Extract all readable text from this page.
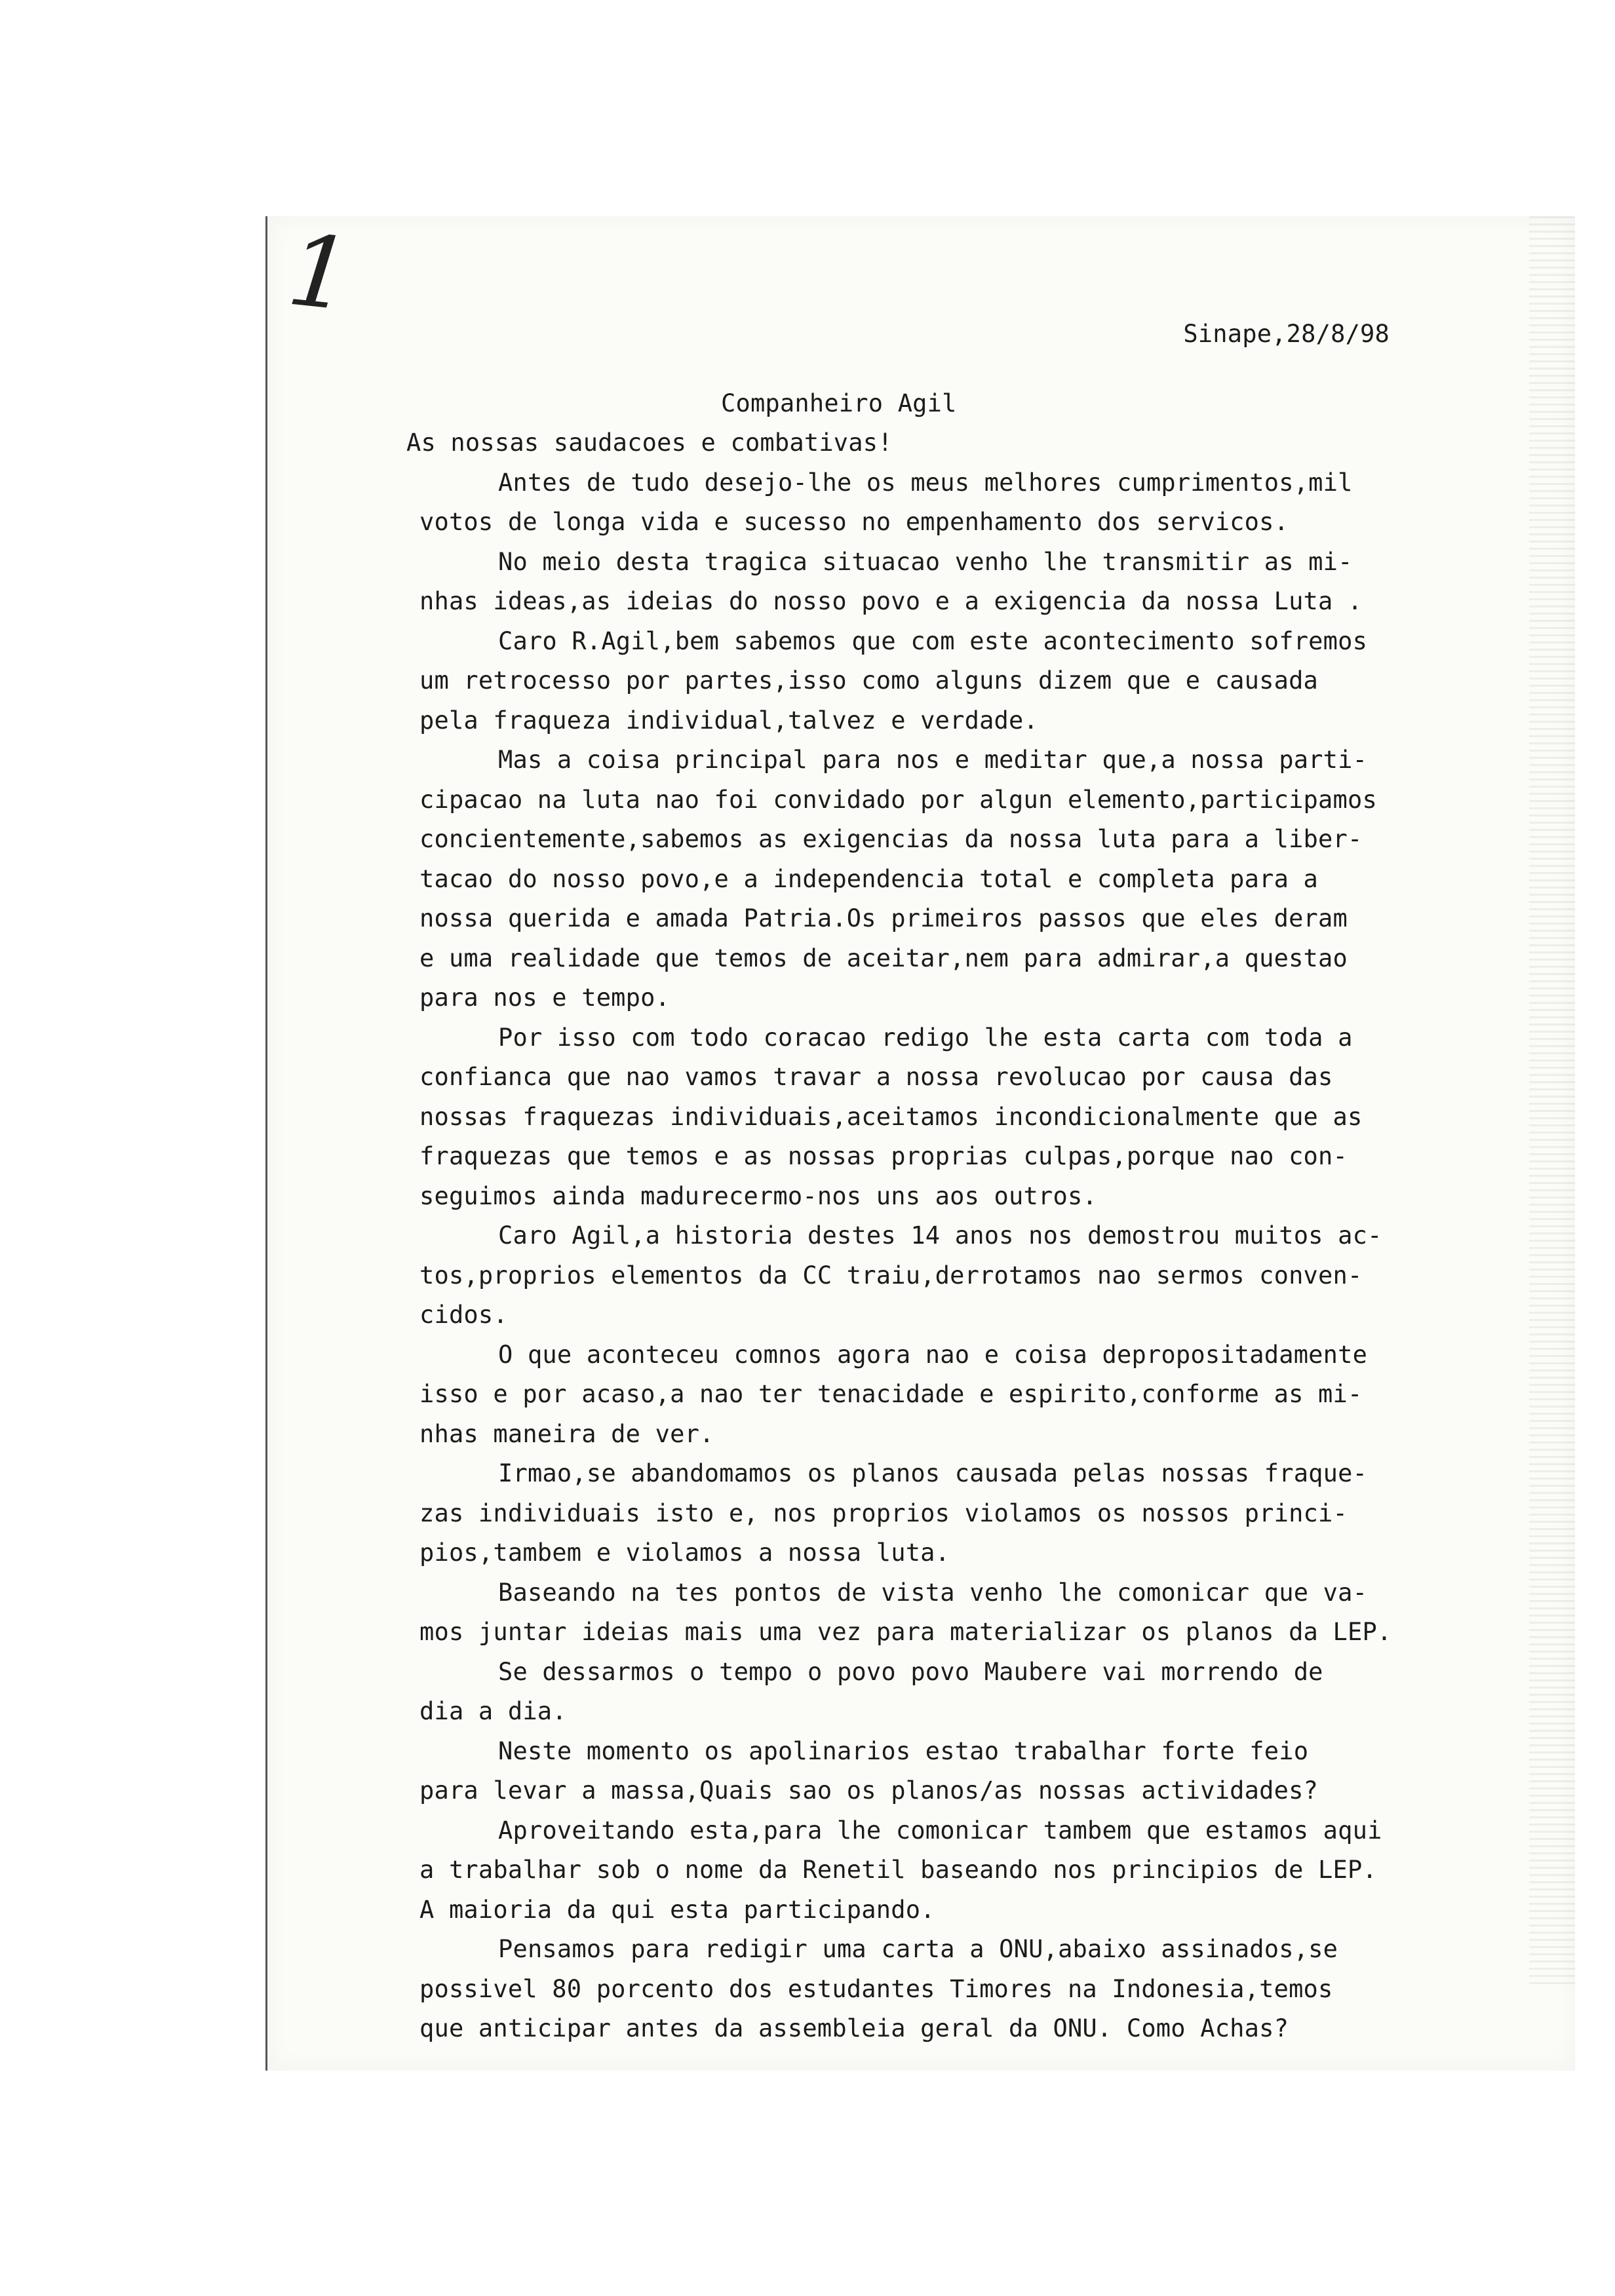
1
Sinape,28/8/98
Companheiro Agil
As nossas saudacoes e combativas!
Antes de tudo desejo-lhe os meus melhores cumprimentos,mil
votos de longa vida e sucesso no empenhamento dos servicos.
No meio desta tragica situacao venho lhe transmitir as mi-
nhas ideas,as ideias do nosso povo e a exigencia da nossa Luta .
Caro R.Agil,bem sabemos que com este acontecimento sofremos
um retrocesso por partes,isso como alguns dizem que e causada
pela fraqueza individual,talvez e verdade.
Mas a coisa principal para nos e meditar que,a nossa parti-
cipacao na luta nao foi convidado por algun elemento,participamos
concientemente,sabemos as exigencias da nossa luta para a liber-
tacao do nosso povo,e a independencia total e completa para a
nossa querida e amada Patria.Os primeiros passos que eles deram
e uma realidade que temos de aceitar,nem para admirar,a questao
para nos e tempo.
Por isso com todo coracao redigo lhe esta carta com toda a
confianca que nao vamos travar a nossa revolucao por causa das
nossas fraquezas individuais,aceitamos incondicionalmente que as
fraquezas que temos e as nossas proprias culpas,porque nao con-
seguimos ainda madurecermo-nos uns aos outros.
Caro Agil,a historia destes 14 anos nos demostrou muitos ac-
tos,proprios elementos da CC traiu,derrotamos nao sermos conven-
cidos.
O que aconteceu comnos agora nao e coisa depropositadamente
isso e por acaso,a nao ter tenacidade e espirito,conforme as mi-
nhas maneira de ver.
Irmao,se abandomamos os planos causada pelas nossas fraque-
zas individuais isto e, nos proprios violamos os nossos princi-
pios,tambem e violamos a nossa luta.
Baseando na tes pontos de vista venho lhe comonicar que va-
mos juntar ideias mais uma vez para materializar os planos da LEP.
Se dessarmos o tempo o povo povo Maubere vai morrendo de
dia a dia.
Neste momento os apolinarios estao trabalhar forte feio
para levar a massa,Quais sao os planos/as nossas actividades?
Aproveitando esta,para lhe comonicar tambem que estamos aqui
a trabalhar sob o nome da Renetil baseando nos principios de LEP.
A maioria da qui esta participando.
Pensamos para redigir uma carta a ONU,abaixo assinados,se
possivel 80 porcento dos estudantes Timores na Indonesia,temos
que anticipar antes da assembleia geral da ONU. Como Achas?
